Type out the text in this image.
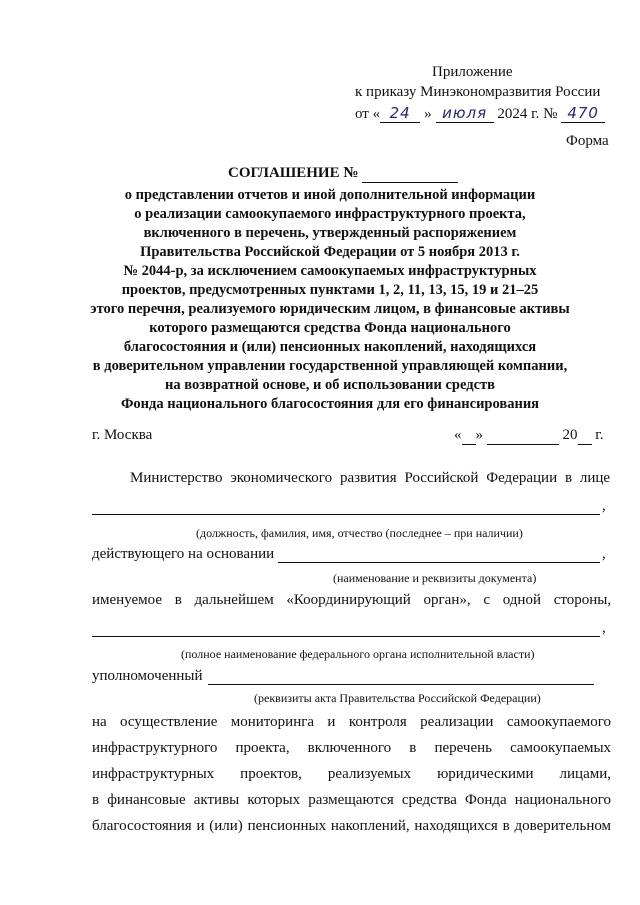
Приложение
к приказу Минэкономразвития России
от « 24 » июля 2024 г. № 470
Форма
СОГЛАШЕНИЕ №
о представлении отчетов и иной дополнительной информации
о реализации самоокупаемого инфраструктурного проекта,
включенного в перечень, утвержденный распоряжением
Правительства Российской Федерации от 5 ноября 2013 г.
№ 2044-р, за исключением самоокупаемых инфраструктурных
проектов, предусмотренных пунктами 1, 2, 11, 13, 15, 19 и 21–25
этого перечня, реализуемого юридическим лицом, в финансовые активы
которого размещаются средства Фонда национального
благосостояния и (или) пенсионных накоплений, находящихся
в доверительном управлении государственной управляющей компании,
на возвратной основе, и об использовании средств
Фонда национального благосостояния для его финансирования
г. Москва	« »	20 г.
Министерство экономического развития Российской Федерации в лице
,
(должность, фамилия, имя, отчество (последнее – при наличии)
действующего на основании	,
(наименование и реквизиты документа)
именуемое в дальнейшем «Координирующий орган», с одной стороны,
,
(полное наименование федерального органа исполнительной власти)
уполномоченный
(реквизиты акта Правительства Российской Федерации)
на осуществление мониторинга и контроля реализации самоокупаемого
инфраструктурного проекта, включенного в перечень самоокупаемых
инфраструктурных проектов, реализуемых юридическими лицами,
в финансовые активы которых размещаются средства Фонда национального
благосостояния и (или) пенсионных накоплений, находящихся в доверительном
